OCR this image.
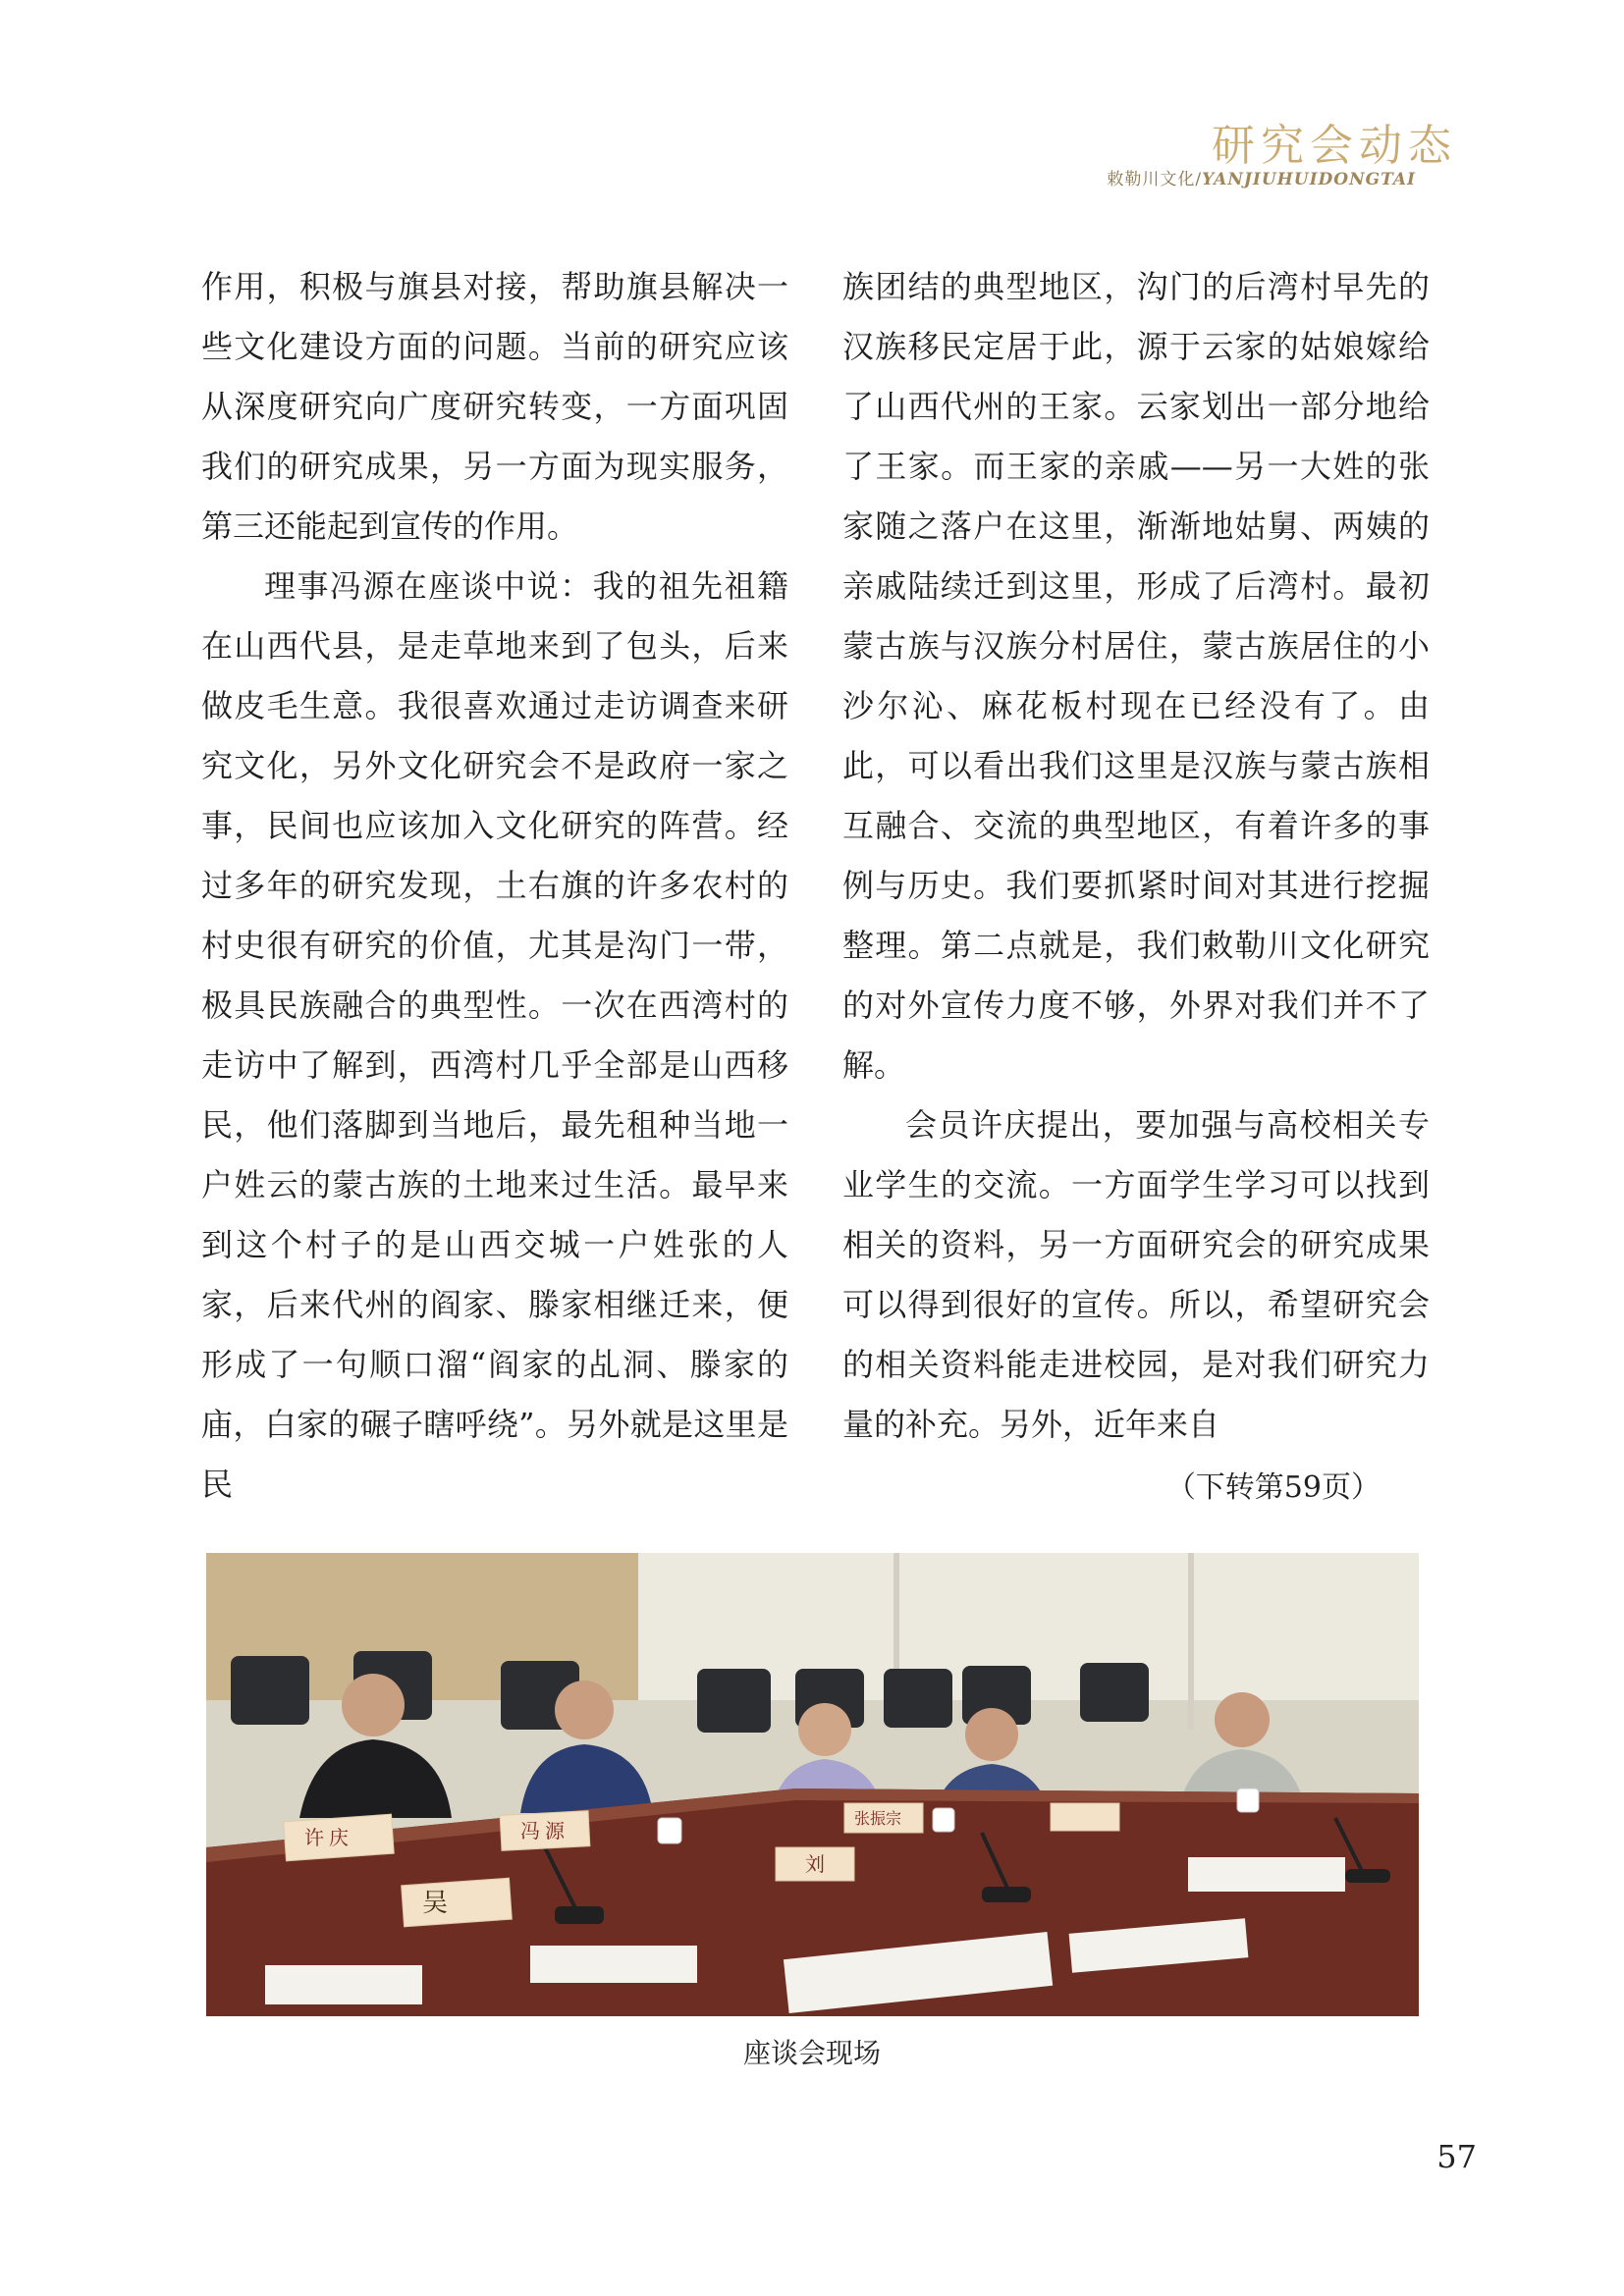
研究会动态
敕勒川文化/YANJIUHUIDONGTAI

作用，积极与旗县对接，帮助旗县解决一些文化建设方面的问题。当前的研究应该从深度研究向广度研究转变，一方面巩固我们的研究成果，另一方面为现实服务，第三还能起到宣传的作用。

理事冯源在座谈中说：我的祖先祖籍在山西代县，是走草地来到了包头，后来做皮毛生意。我很喜欢通过走访调查来研究文化，另外文化研究会不是政府一家之事，民间也应该加入文化研究的阵营。经过多年的研究发现，土右旗的许多农村的村史很有研究的价值，尤其是沟门一带，极具民族融合的典型性。一次在西湾村的走访中了解到，西湾村几乎全部是山西移民，他们落脚到当地后，最先租种当地一户姓云的蒙古族的土地来过生活。最早来到这个村子的是山西交城一户姓张的人家，后来代州的阎家、滕家相继迁来，便形成了一句顺口溜“阎家的乩洞、滕家的庙，白家的碾子瞎呼绕”。另外就是这里是民

族团结的典型地区，沟门的后湾村早先的汉族移民定居于此，源于云家的姑娘嫁给了山西代州的王家。云家划出一部分地给了王家。而王家的亲戚——另一大姓的张家随之落户在这里，渐渐地姑舅、两姨的亲戚陆续迁到这里，形成了后湾村。最初蒙古族与汉族分村居住，蒙古族居住的小沙尔沁、麻花板村现在已经没有了。由此，可以看出我们这里是汉族与蒙古族相互融合、交流的典型地区，有着许多的事例与历史。我们要抓紧时间对其进行挖掘整理。第二点就是，我们敕勒川文化研究的对外宣传力度不够，外界对我们并不了解。

会员许庆提出，要加强与高校相关专业学生的交流。一方面学生学习可以找到相关的资料，另一方面研究会的研究成果可以得到很好的宣传。所以，希望研究会的相关资料能走进校园，是对我们研究力量的补充。另外，近年来自

（下转第59页）
许 庆	冯 源
刘
张振宗
吴
座谈会现场
57
